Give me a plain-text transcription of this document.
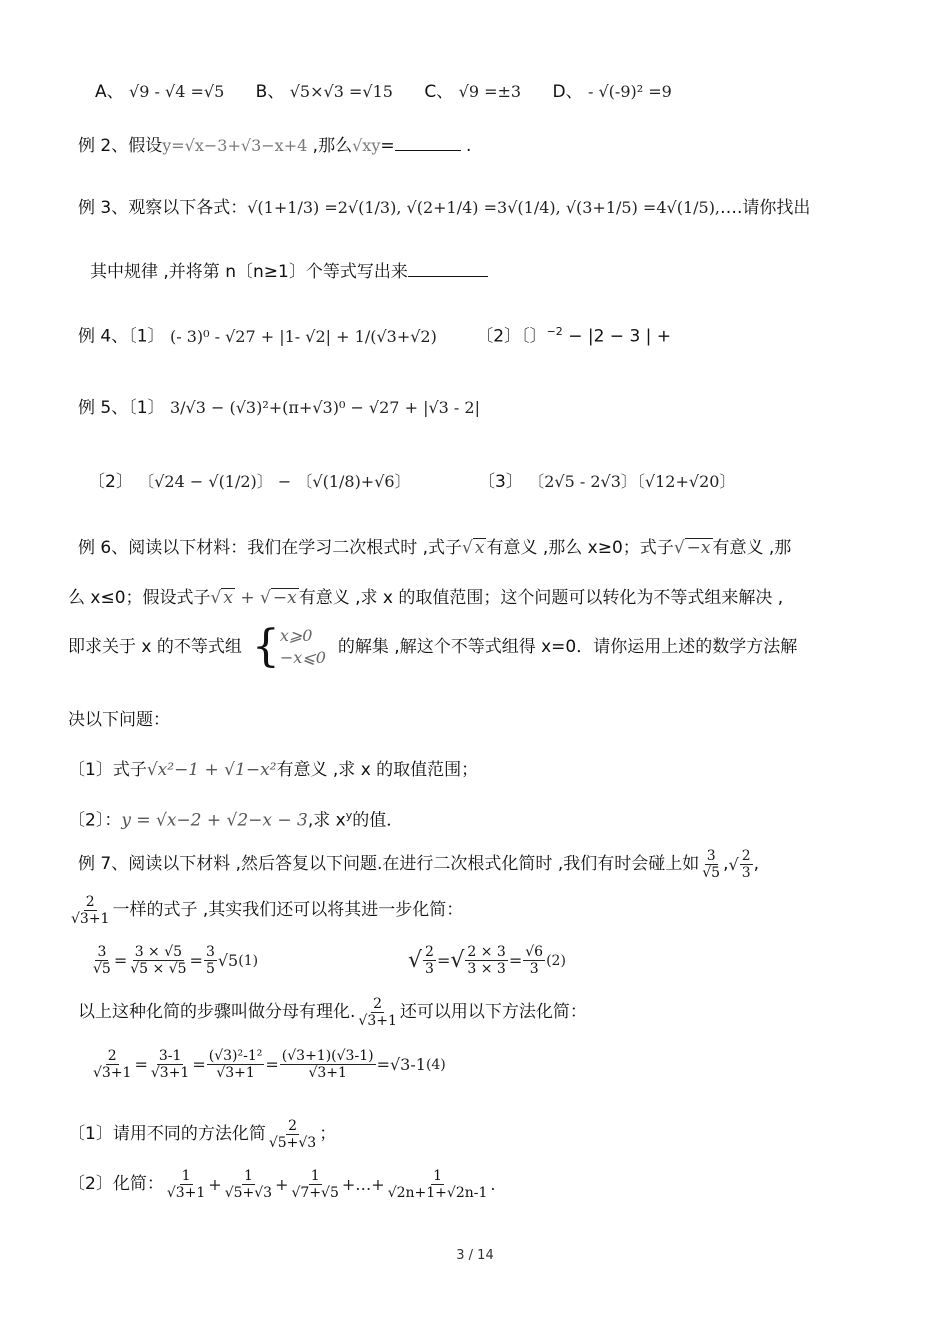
A、 √9 - √4 =√5 B、 √5×√3 =√15 C、 √9 =±3 D、 - √(-9)² =9
例 2、假设y=√x−3+√3−x+4 ,那么√xy=	.
例 3、观察以下各式：√(1+1/3) =2√(1/3), √(2+1/4) =3√(1/4), √(3+1/5) =4√(1/5),….请你找出
其中规律 ,并将第 n〔n≥1〕个等式写出来
例 4、〔1〕 (- 3)⁰ - √27 + |1- √2| + 1/(√3+√2) 〔2〕〔〕$^{-2}$ − |2 − 3 | +
例 5、〔1〕 3/√3 − (√3)²+(π+√3)⁰ − √27 + |√3 - 2|
〔2〕 〔√24 − √(1/2)〕 − 〔√(1/8)+√6〕	〔3〕 〔2√5 - 2√3〕〔√12+√20〕
例 6、阅读以下材料：我们在学习二次根式时 ,式子√ x 有意义 ,那么 x≥0；式子√ −x 有意义 ,那
么 x≤0；假设式子√ x + √ −x 有意义 ,求 x 的取值范围；这个问题可以转化为不等式组来解决 ,
即求关于 x 的不等式组 { x⩾0
−x⩽0
的解集 ,解这个不等式组得 x=0．请你运用上述的数学方法解
决以下问题：
〔1〕式子√x²−1 + √1−x²有意义 ,求 x 的取值范围；
〔2〕：y = √x−2 + √2−x − 3,求 $x^y$的值．
例 7、阅读以下材料 ,然后答复以下问题.在进行二次根式化简时 ,我们有时会碰上如 $\frac{3}{√5}$ , √ $\frac{2}{3}$ ,
$\frac{2}{√3+1}$ 一样的式子 ,其实我们还可以将其进一步化简：
$\frac{3}{√5} = \frac{3 \times √5}{√5 \times √5} = \frac{3}{5} √5$ (1)	√ $\frac{2}{3}$ = √ $\frac{2 \times 3}{3 \times 3} = \frac{√6}{3} (2)$
以上这种化简的步骤叫做分母有理化. $\frac{2}{√3+1}$ 还可以用以下方法化简：
$\frac{2}{√3+1} = \frac{3-1}{√3+1} = \frac{\text{(√3)²-1²}}{√3+1} = \frac{(√3+1)(√3-1)}{√3+1} =√3-1$ (4)
〔1〕请用不同的方法化简 $\frac{2}{√5+√3}$ ；
〔2〕化简： $\frac{1}{√3+1} + \frac{1}{√5+√3} + \frac{1}{√7+√5}$ +…+ $\frac{1}{√2n+1+√2n-1}$ .
3 / 14
